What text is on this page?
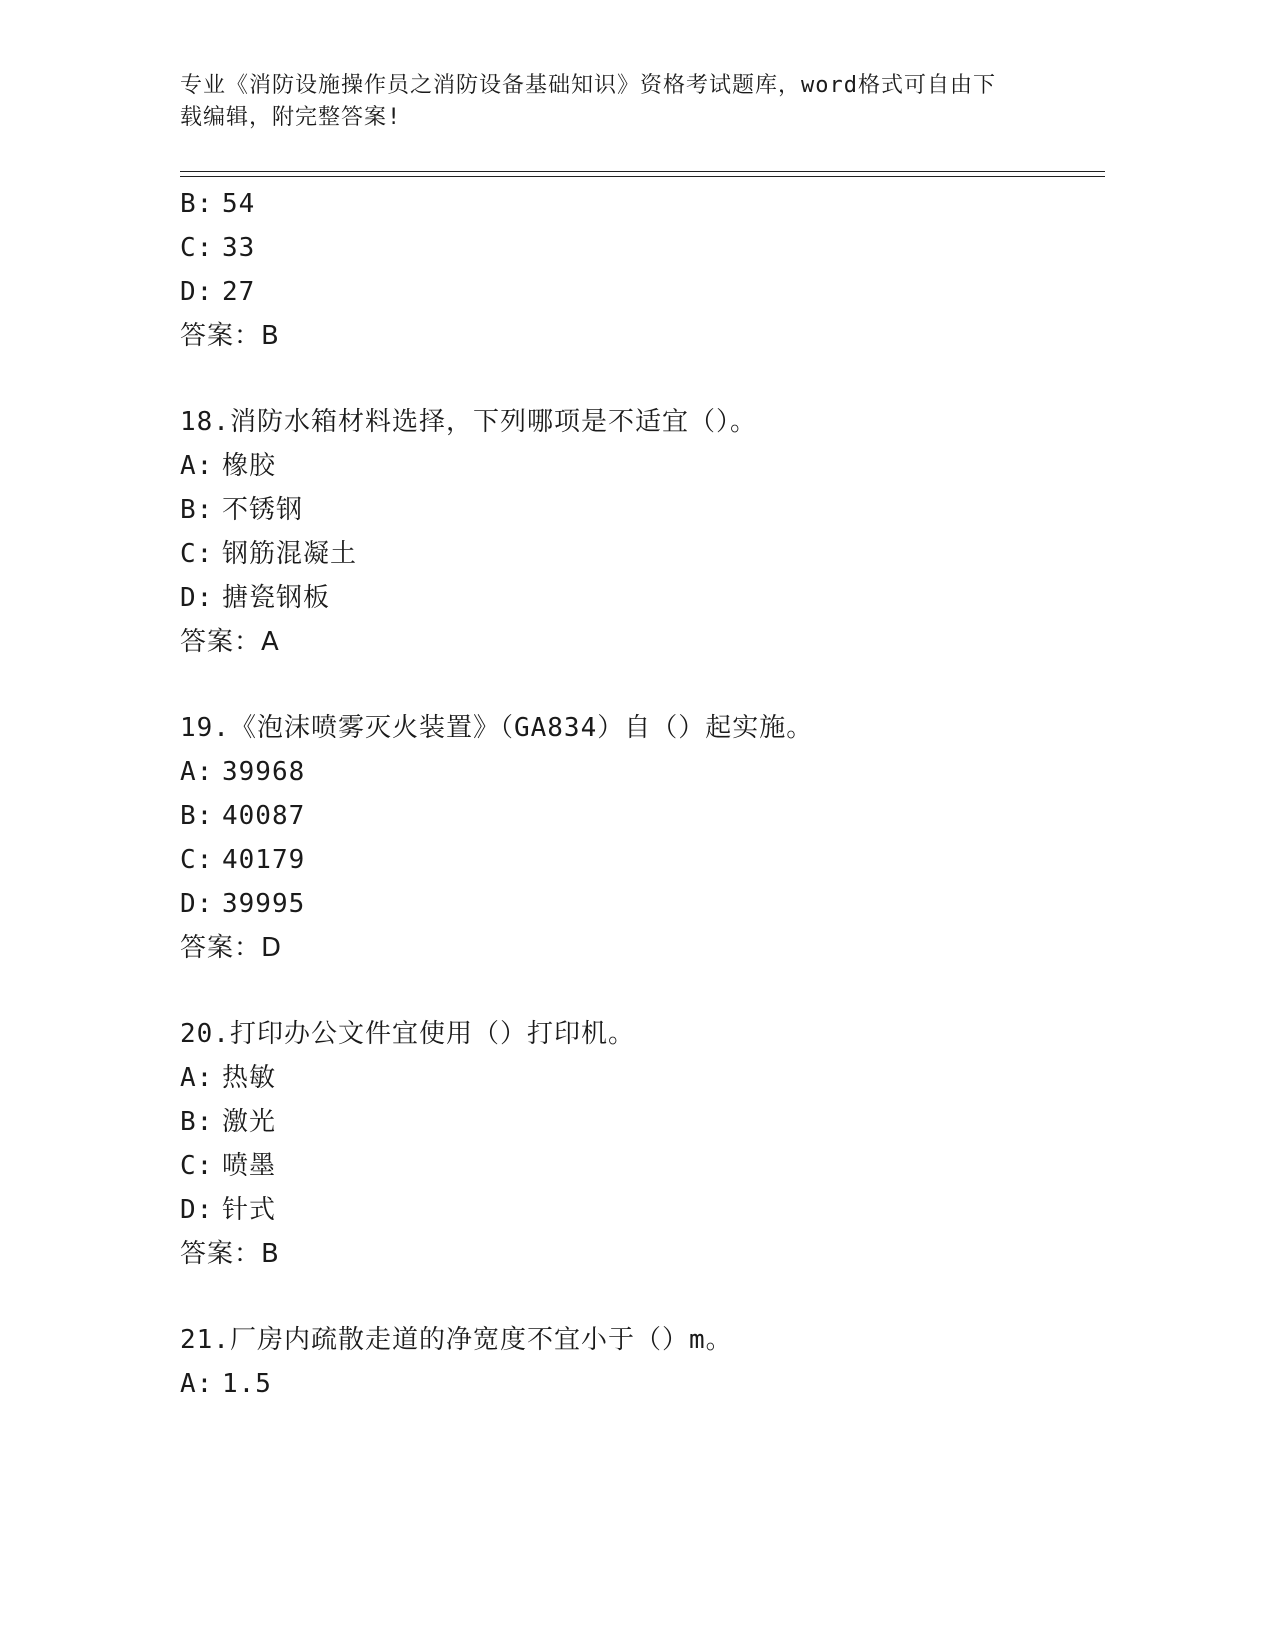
专业《消防设施操作员之消防设备基础知识》资格考试题库，word格式可自由下
载编辑，附完整答案!
B: 54
C: 33
D: 27
答案：B
18.消防水箱材料选择，下列哪项是不适宜（）。
A: 橡胶
B: 不锈钢
C: 钢筋混凝土
D: 搪瓷钢板
答案：A
19.《泡沫喷雾灭火装置》（GA834）自（）起实施。
A: 39968
B: 40087
C: 40179
D: 39995
答案：D
20.打印办公文件宜使用（）打印机。
A: 热敏
B: 激光
C: 喷墨
D: 针式
答案：B
21.厂房内疏散走道的净宽度不宜小于（）m。
A: 1.5
